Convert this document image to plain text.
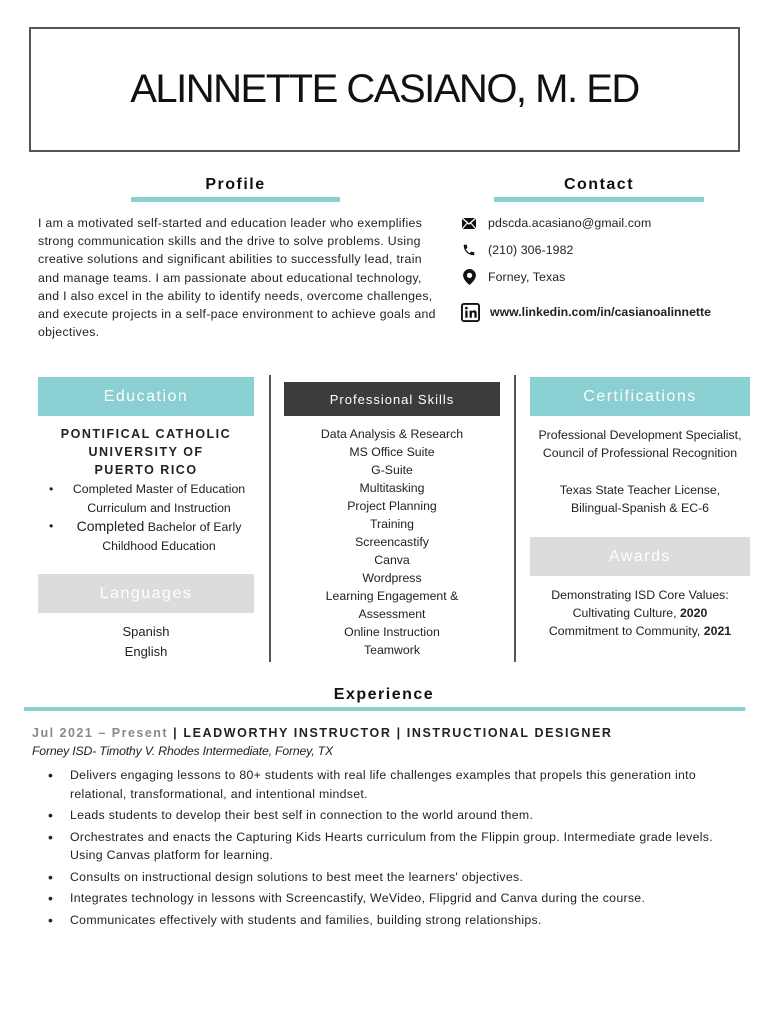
ALINNETTE CASIANO, M. ED
Profile

I am a motivated self-started and education leader who exemplifies strong communication skills and the drive to solve problems. Using creative solutions and significant abilities to successfully lead, train and manage teams. I am passionate about educational technology, and I also excel in the ability to identify needs, overcome challenges, and execute projects in a self-pace environment to achieve goals and objectives.

Contact
pdscda.acasiano@gmail.com
(210) 306-1982
Forney, Texas
www.linkedin.com/in/casianoalinnette
Education
PONTIFICAL CATHOLIC
UNIVERSITY OF
PUERTO RICO
• Completed Master of Education Curriculum and Instruction
• Completed Bachelor of Early Childhood Education
Languages
Spanish
English
Professional Skills
Data Analysis & Research
MS Office Suite
G-Suite
Multitasking
Project Planning
Training
Screencastify
Canva
Wordpress
Learning Engagement &
Assessment
Online Instruction
Teamwork
Certifications
Professional Development Specialist,
Council of Professional Recognition
Texas State Teacher License,
Bilingual-Spanish & EC-6
Awards
Demonstrating ISD Core Values:
Cultivating Culture, 2020
Commitment to Community, 2021
Experience
Jul 2021 – Present | LEADWORTHY INSTRUCTOR | INSTRUCTIONAL DESIGNER
Forney ISD- Timothy V. Rhodes Intermediate, Forney, TX
• Delivers engaging lessons to 80+ students with real life challenges examples that propels this generation into relational, transformational, and intentional mindset.
• Leads students to develop their best self in connection to the world around them.
• Orchestrates and enacts the Capturing Kids Hearts curriculum from the Flippin group. Intermediate grade levels. Using Canvas platform for learning.
• Consults on instructional design solutions to best meet the learners' objectives.
• Integrates technology in lessons with Screencastify, WeVideo, Flipgrid and Canva during the course.
• Communicates effectively with students and families, building strong relationships.
